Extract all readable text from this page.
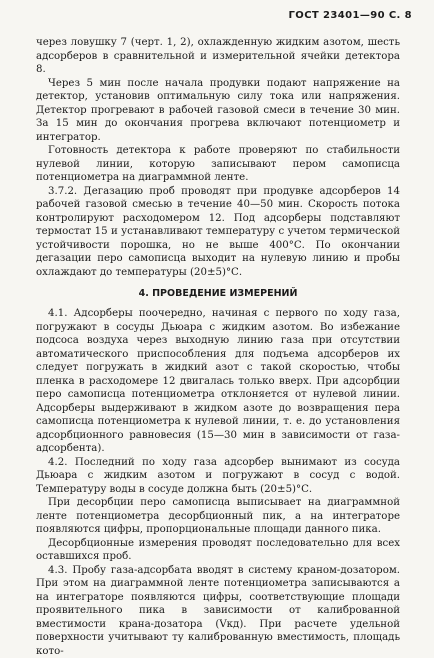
ГОСТ 23401—90 С. 8

через ловушку 7 (черт. 1, 2), охлажденную жидким азотом, шесть адсорберов в сравнительной и измерительной ячейки детектора 8.

Через 5 мин после начала продувки подают напряжение на детектор, установив оптимальную силу тока или напряжения. Детектор прогревают в рабочей газовой смеси в течение 30 мин. За 15 мин до окончания прогрева включают потенциометр и интегратор.

Готовность детектора к работе проверяют по стабильности нулевой линии, которую записывают пером самописца потенциометра на диаграммной ленте.

3.7.2. Дегазацию проб проводят при продувке адсорберов 14 рабочей газовой смесью в течение 40—50 мин. Скорость потока контролируют расходомером 12. Под адсорберы подставляют термостат 15 и устанавливают температуру с учетом термической устойчивости порошка, но не выше 400°С. По окончании дегазации перо самописца выходит на нулевую линию и пробы охлаждают до температуры (20±5)°С.

4. ПРОВЕДЕНИЕ ИЗМЕРЕНИЙ

4.1. Адсорберы поочередно, начиная с первого по ходу газа, погружают в сосуды Дьюара с жидким азотом. Во избежание подсоса воздуха через выходную линию газа при отсутствии автоматического приспособления для подъема адсорберов их следует погружать в жидкий азот с такой скоростью, чтобы пленка в расходомере 12 двигалась только вверх. При адсорбции перо самописца потенциометра отклоняется от нулевой линии. Адсорберы выдерживают в жидком азоте до возвращения пера самописца потенциометра к нулевой линии, т. е. до установления адсорбционного равновесия (15—30 мин в зависимости от газа-адсорбента).

4.2. Последний по ходу газа адсорбер вынимают из сосуда Дьюара с жидким азотом и погружают в сосуд с водой. Температуру воды в сосуде должна быть (20±5)°С.

При десорбции перо самописца выписывает на диаграммной ленте потенциометра десорбционный пик, а на интеграторе появляются цифры, пропорциональные площади данного пика.

Десорбционные измерения проводят последовательно для всех оставшихся проб.

4.3. Пробу газа-адсорбата вводят в систему краном-дозатором. При этом на диаграммной ленте потенциометра записываются а на интеграторе появляются цифры, соответствующие площади проявительного пика в зависимости от калиброванной вместимости крана-дозатора (Vкд). При расчете удельной поверхности учитывают ту калиброванную вместимость, площадь кото-
